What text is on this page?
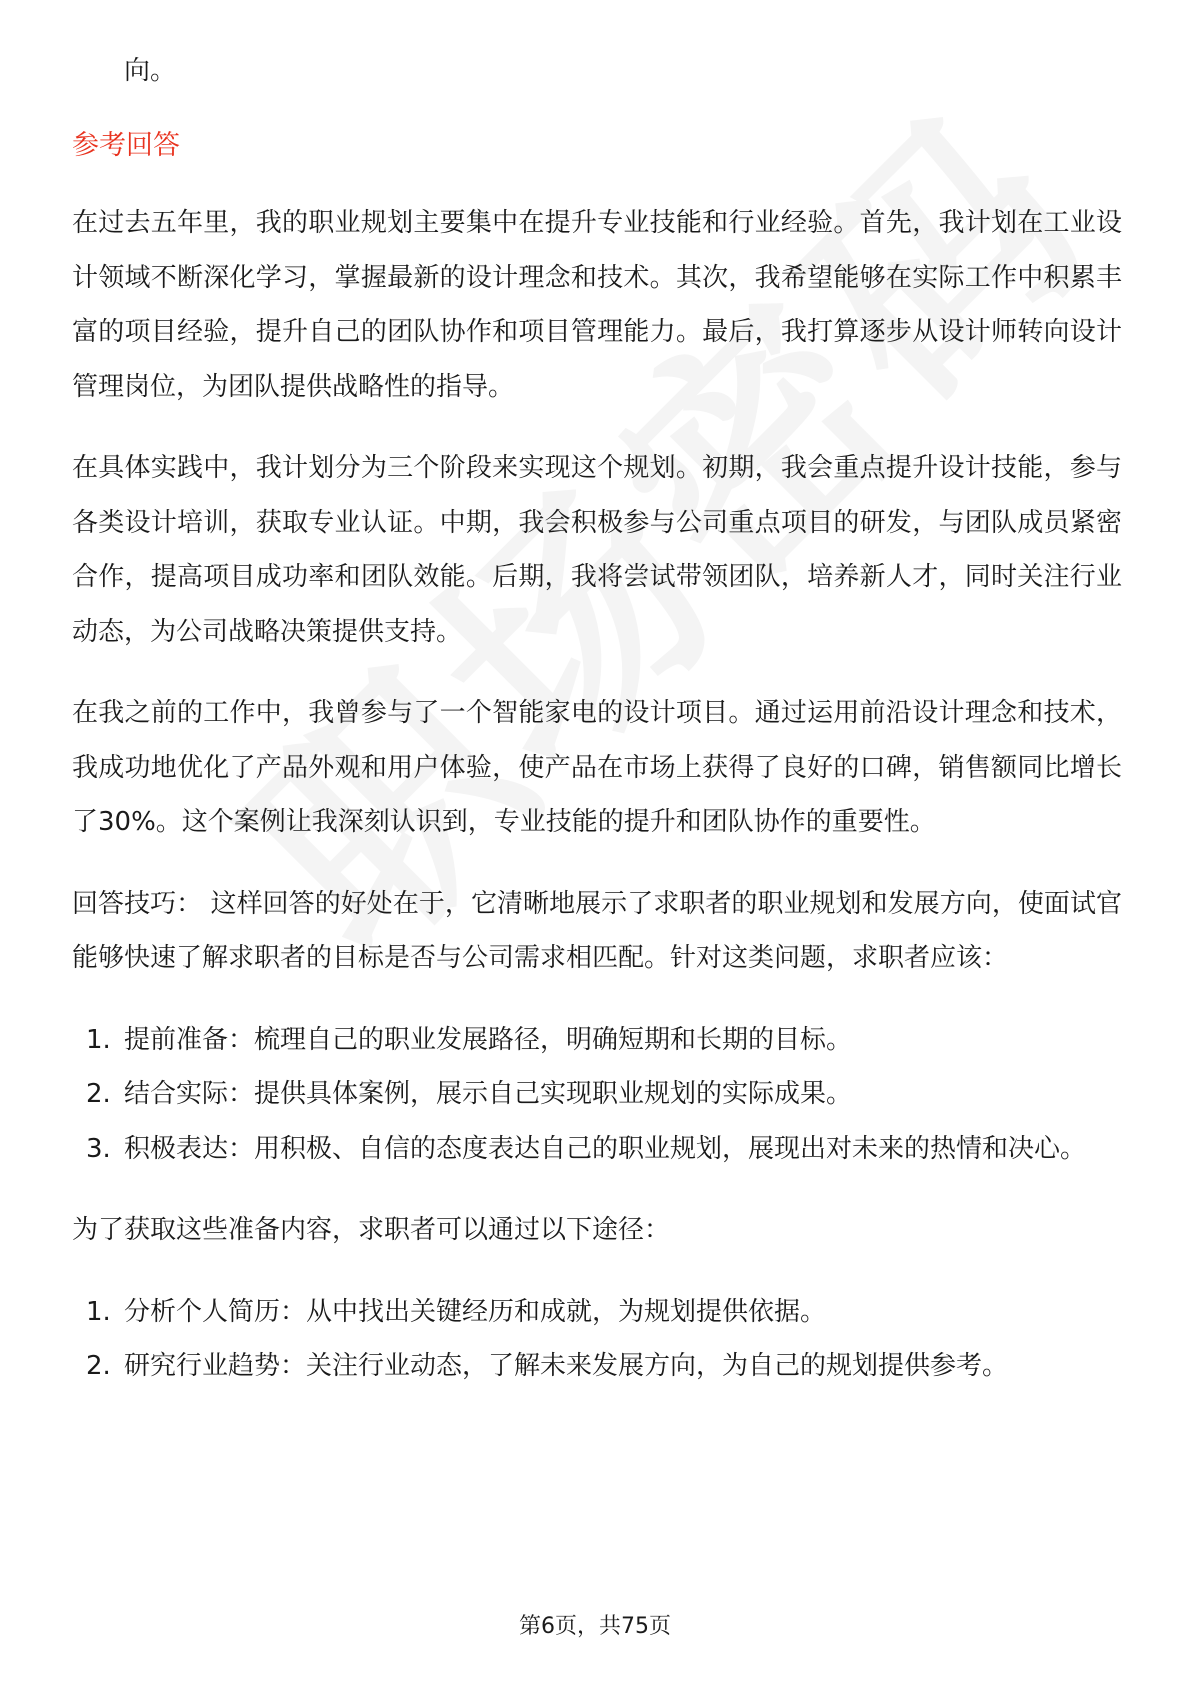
向。

参考回答

在过去五年里，我的职业规划主要集中在提升专业技能和行业经验。首先，我计划在工业设计领域不断深化学习，掌握最新的设计理念和技术。其次，我希望能够在实际工作中积累丰富的项目经验，提升自己的团队协作和项目管理能力。最后，我打算逐步从设计师转向设计管理岗位，为团队提供战略性的指导。

在具体实践中，我计划分为三个阶段来实现这个规划。初期，我会重点提升设计技能，参与各类设计培训，获取专业认证。中期，我会积极参与公司重点项目的研发，与团队成员紧密合作，提高项目成功率和团队效能。后期，我将尝试带领团队，培养新人才，同时关注行业动态，为公司战略决策提供支持。

在我之前的工作中，我曾参与了一个智能家电的设计项目。通过运用前沿设计理念和技术，我成功地优化了产品外观和用户体验，使产品在市场上获得了良好的口碑，销售额同比增长了30%。这个案例让我深刻认识到，专业技能的提升和团队协作的重要性。

回答技巧： 这样回答的好处在于，它清晰地展示了求职者的职业规划和发展方向，使面试官能够快速了解求职者的目标是否与公司需求相匹配。针对这类问题，求职者应该：

1. 提前准备：梳理自己的职业发展路径，明确短期和长期的目标。
2. 结合实际：提供具体案例，展示自己实现职业规划的实际成果。
3. 积极表达：用积极、自信的态度表达自己的职业规划，展现出对未来的热情和决心。

为了获取这些准备内容，求职者可以通过以下途径：

1. 分析个人简历：从中找出关键经历和成就，为规划提供依据。
2. 研究行业趋势：关注行业动态，了解未来发展方向，为自己的规划提供参考。
第6页，共75页
